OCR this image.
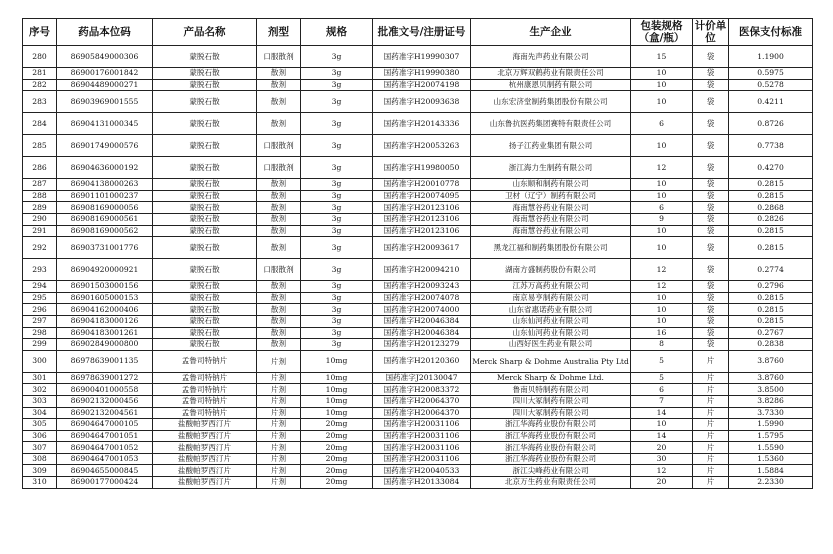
序号	药品本位码	产品名称	剂型	规格	批准文号/注册证号	生产企业	包装规格（盒/瓶）	计价单位	医保支付标准
280	86905849000306	蒙脱石散	口服散剂	3g	国药准字H19990307	海南先声药业有限公司	15	袋	1.1900
281	86900176001842	蒙脱石散	散剂	3g	国药准字H19990380	北京万辉双鹤药业有限责任公司	10	袋	0.5975
282	86904489000271	蒙脱石散	散剂	3g	国药准字H20074198	杭州康恩贝制药有限公司	10	袋	0.5278
283	86903969001555	蒙脱石散	散剂	3g	国药准字H20093638	山东宏济堂制药集团股份有限公司	10	袋	0.4211
284	86904131000345	蒙脱石散	散剂	3g	国药准字H20143336	山东鲁抗医药集团赛特有限责任公司	6	袋	0.8726
285	86901749000576	蒙脱石散	口服散剂	3g	国药准字H20053263	扬子江药业集团有限公司	10	袋	0.7738
286	86904636000192	蒙脱石散	口服散剂	3g	国药准字H19980050	浙江海力生制药有限公司	12	袋	0.4270
287	86904138000263	蒙脱石散	散剂	3g	国药准字H20010778	山东顺和制药有限公司	10	袋	0.2815
288	86901101000237	蒙脱石散	散剂	3g	国药准字H20074095	卫材（辽宁）制药有限公司	10	袋	0.2815
289	86908169000056	蒙脱石散	散剂	3g	国药准字H20123106	海南慧谷药业有限公司	6	袋	0.2868
290	86908169000561	蒙脱石散	散剂	3g	国药准字H20123106	海南慧谷药业有限公司	9	袋	0.2826
291	86908169000562	蒙脱石散	散剂	3g	国药准字H20123106	海南慧谷药业有限公司	10	袋	0.2815
292	86903731001776	蒙脱石散	散剂	3g	国药准字H20093617	黑龙江福和制药集团股份有限公司	10	袋	0.2815
293	86904920000921	蒙脱石散	口服散剂	3g	国药准字H20094210	湖南方盛制药股份有限公司	12	袋	0.2774
294	86901503000156	蒙脱石散	散剂	3g	国药准字H20093243	江苏万高药业有限公司	12	袋	0.2796
295	86901605000153	蒙脱石散	散剂	3g	国药准字H20074078	南京易亨制药有限公司	10	袋	0.2815
296	86904162000406	蒙脱石散	散剂	3g	国药准字H20074000	山东省惠诺药业有限公司	10	袋	0.2815
297	86904183000126	蒙脱石散	散剂	3g	国药准字H20046384	山东仙河药业有限公司	10	袋	0.2815
298	86904183001261	蒙脱石散	散剂	3g	国药准字H20046384	山东仙河药业有限公司	16	袋	0.2767
299	86902849000800	蒙脱石散	散剂	3g	国药准字H20123279	山西好医生药业有限公司	8	袋	0.2838
300	86978639001135	孟鲁司特钠片	片剂	10mg	国药准字H20120360	Merck Sharp & Dohme Australia Pty Ltd	5	片	3.8760
301	86978639001272	孟鲁司特钠片	片剂	10mg	国药准字J20130047	Merck Sharp & Dohme Ltd.	5	片	3.8760
302	86900401000558	孟鲁司特钠片	片剂	10mg	国药准字H20083372	鲁南贝特制药有限公司	6	片	3.8500
303	86902132000456	孟鲁司特钠片	片剂	10mg	国药准字H20064370	四川大冢制药有限公司	7	片	3.8286
304	86902132004561	孟鲁司特钠片	片剂	10mg	国药准字H20064370	四川大冢制药有限公司	14	片	3.7330
305	86904647000105	盐酸帕罗西汀片	片剂	20mg	国药准字H20031106	浙江华海药业股份有限公司	10	片	1.5990
306	86904647001051	盐酸帕罗西汀片	片剂	20mg	国药准字H20031106	浙江华海药业股份有限公司	14	片	1.5795
307	86904647001052	盐酸帕罗西汀片	片剂	20mg	国药准字H20031106	浙江华海药业股份有限公司	20	片	1.5590
308	86904647001053	盐酸帕罗西汀片	片剂	20mg	国药准字H20031106	浙江华海药业股份有限公司	30	片	1.5360
309	86904655000845	盐酸帕罗西汀片	片剂	20mg	国药准字H20040533	浙江尖峰药业有限公司	12	片	1.5884
310	86900177000424	盐酸帕罗西汀片	片剂	20mg	国药准字H20133084	北京万生药业有限责任公司	20	片	2.2330
